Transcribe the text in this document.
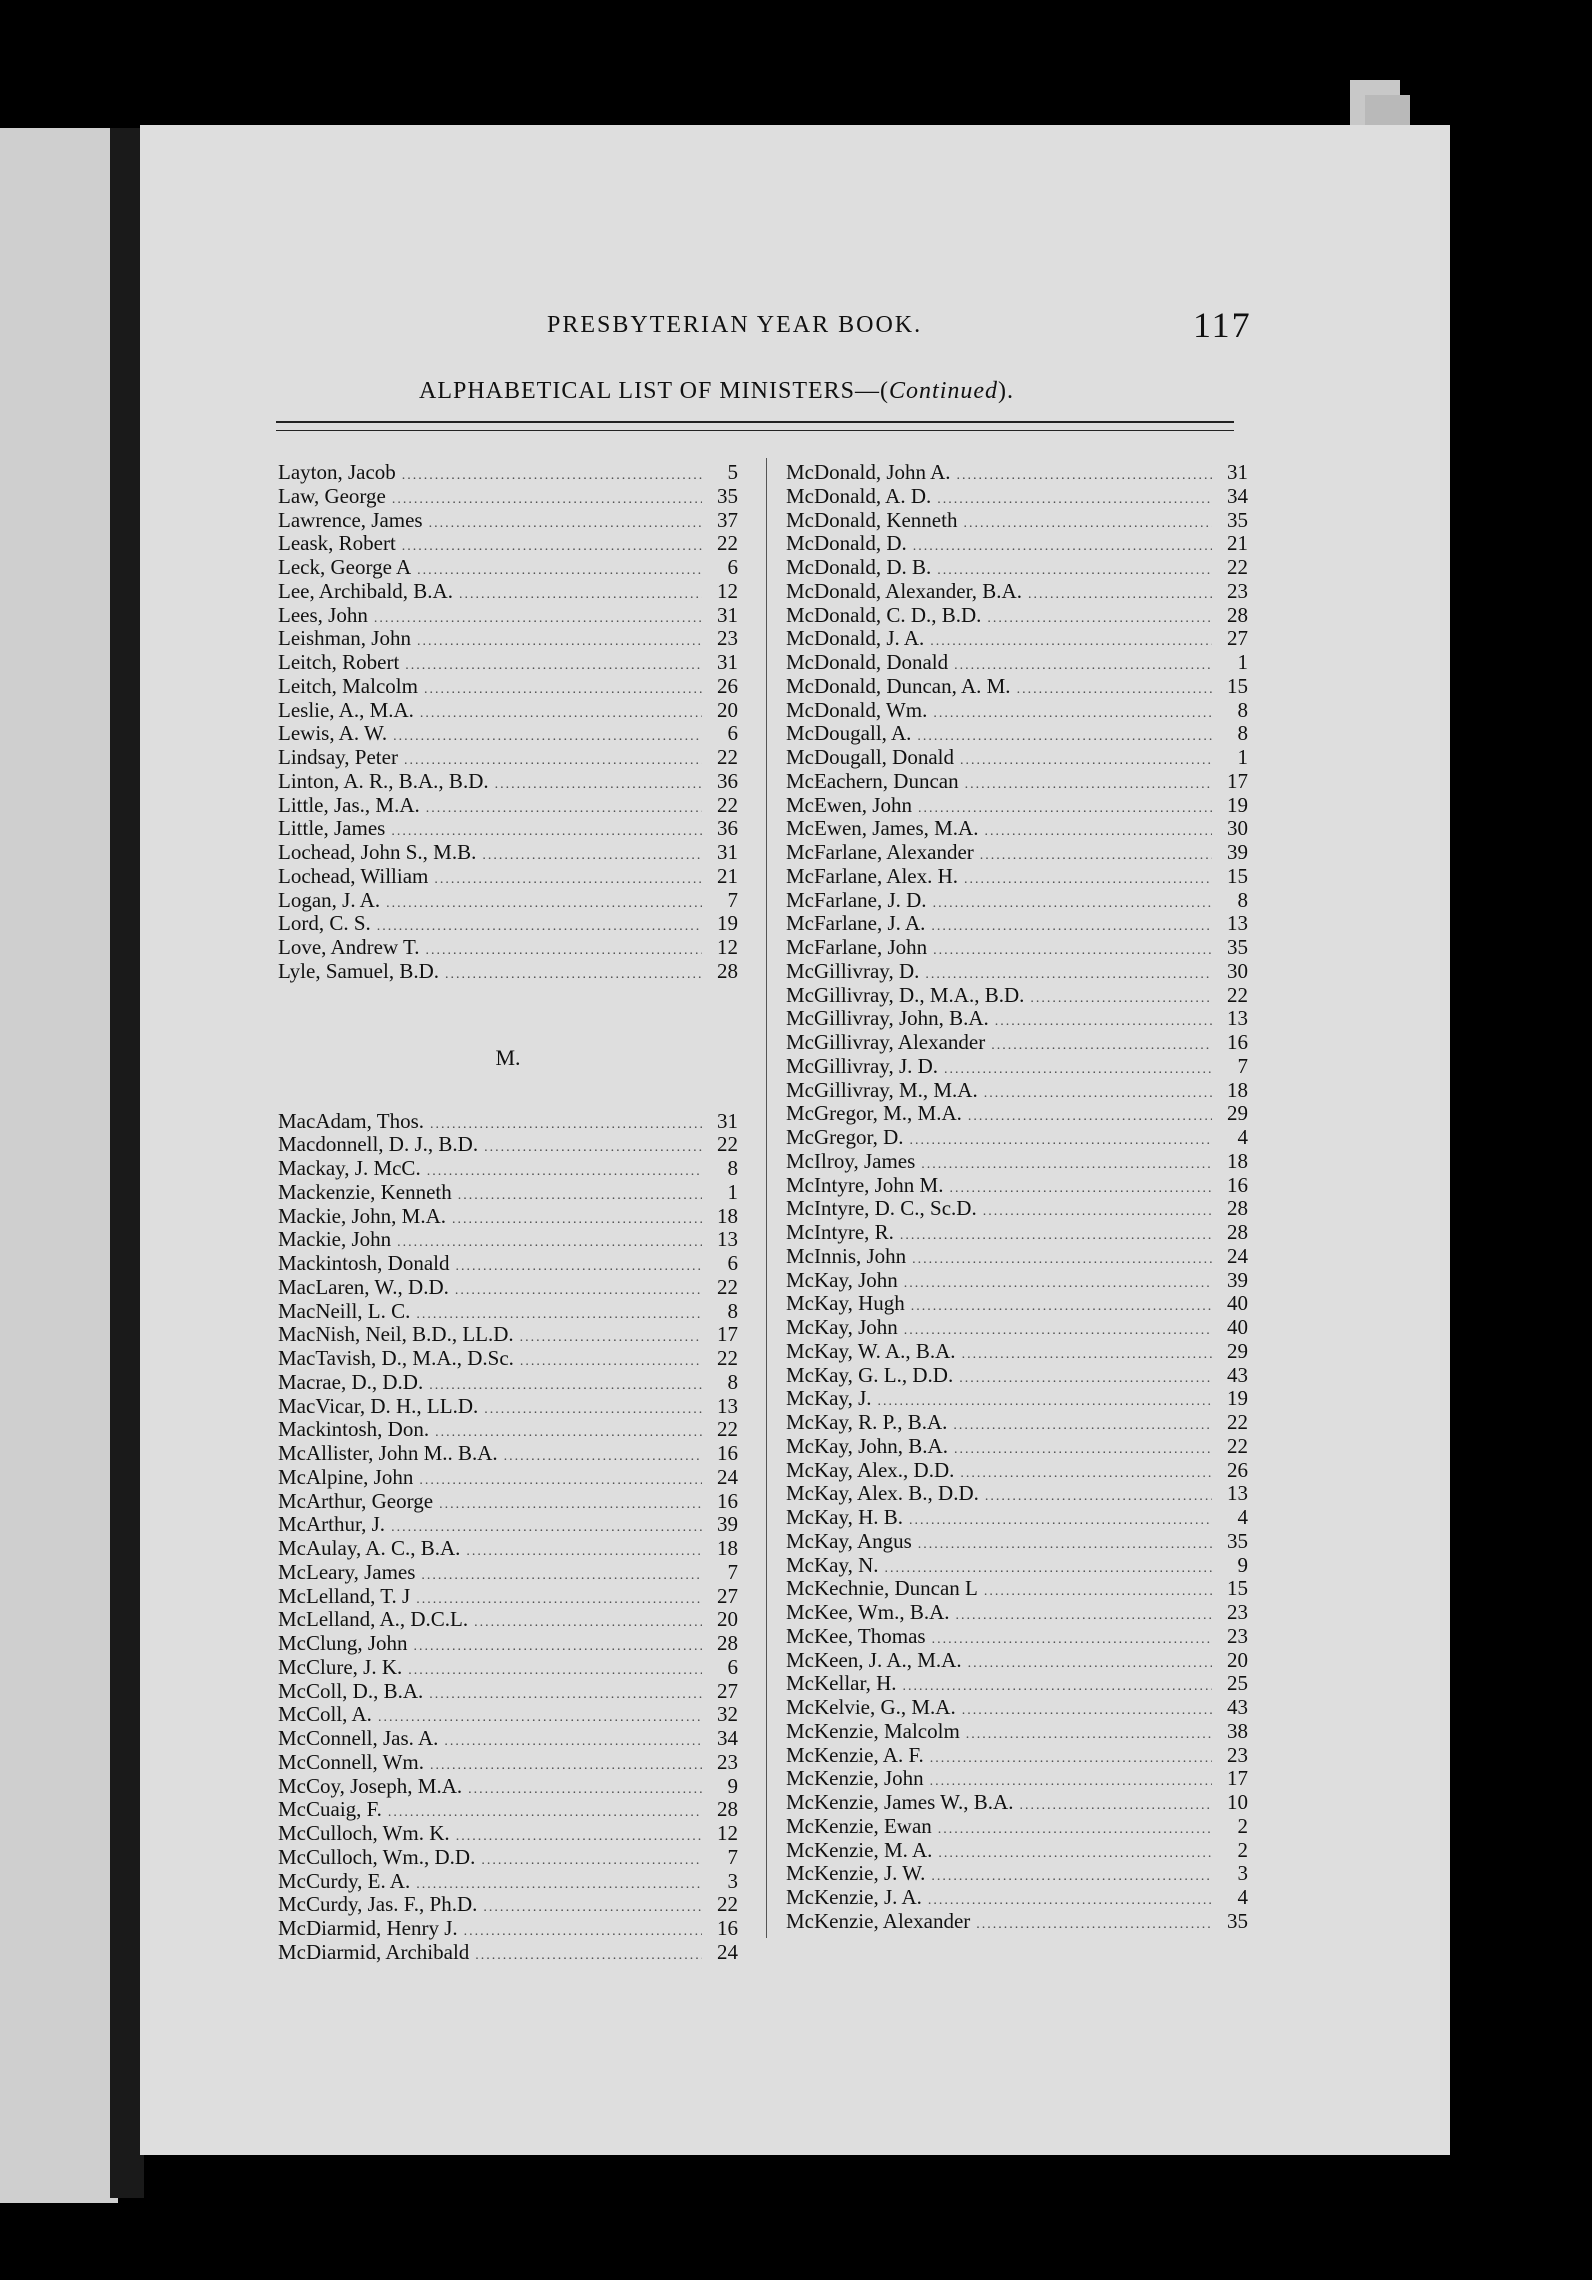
PRESBYTERIAN YEAR BOOK.	117
ALPHABETICAL LIST OF MINISTERS—(Continued).
Layton, Jacob .....	5
Law, George .....	35
Lawrence, James .....	37
Leask, Robert .....	22
Leck, George A .....	6
Lee, Archibald, B.A. .....	12
Lees, John .....	31
Leishman, John .....	23
Leitch, Robert .....	31
Leitch, Malcolm .....	26
Leslie, A., M.A. .....	20
Lewis, A. W. .....	6
Lindsay, Peter .....	22
Linton, A. R., B.A., B.D. .....	36
Little, Jas., M.A. .....	22
Little, James .....	36
Lochead, John S., M.B. .....	31
Lochead, William .....	21
Logan, J. A. .....	7
Lord, C. S. .....	19
Love, Andrew T. .....	12
Lyle, Samuel, B.D. .....	28
M.
MacAdam, Thos. .....	31
Macdonnell, D. J., B.D. .....	22
Mackay, J. McC. .....	8
Mackenzie, Kenneth .....	1
Mackie, John, M.A. .....	18
Mackie, John .....	13
Mackintosh, Donald .....	6
MacLaren, W., D.D. .....	22
MacNeill, L. C. .....	8
MacNish, Neil, B.D., LL.D. .....	17
MacTavish, D., M.A., D.Sc. .....	22
Macrae, D., D.D. .....	8
MacVicar, D. H., LL.D. .....	13
Mackintosh, Don. .....	22
McAllister, John M.. B.A. .....	16
McAlpine, John .....	24
McArthur, George .....	16
McArthur, J. .....	39
McAulay, A. C., B.A. .....	18
McLeary, James .....	7
McLelland, T. J .....	27
McLelland, A., D.C.L. .....	20
McClung, John .....	28
McClure, J. K. .....	6
McColl, D., B.A. .....	27
McColl, A. .....	32
McConnell, Jas. A. .....	34
McConnell, Wm. .....	23
McCoy, Joseph, M.A. .....	9
McCuaig, F. .....	28
McCulloch, Wm. K. .....	12
McCulloch, Wm., D.D. .....	7
McCurdy, E. A. .....	3
McCurdy, Jas. F., Ph.D. .....	22
McDiarmid, Henry J. .....	16
McDiarmid, Archibald .....	24
McDonald, John A. .....	31
McDonald, A. D. .....	34
McDonald, Kenneth .....	35
McDonald, D. .....	21
McDonald, D. B. .....	22
McDonald, Alexander, B.A. .....	23
McDonald, C. D., B.D. .....	28
McDonald, J. A. .....	27
McDonald, Donald .....	1
McDonald, Duncan, A. M. .....	15
McDonald, Wm. .....	8
McDougall, A. .....	8
McDougall, Donald .....	1
McEachern, Duncan .....	17
McEwen, John .....	19
McEwen, James, M.A. .....	30
McFarlane, Alexander .....	39
McFarlane, Alex. H. .....	15
McFarlane, J. D. .....	8
McFarlane, J. A. .....	13
McFarlane, John .....	35
McGillivray, D. .....	30
McGillivray, D., M.A., B.D. .....	22
McGillivray, John, B.A. .....	13
McGillivray, Alexander .....	16
McGillivray, J. D. .....	7
McGillivray, M., M.A. .....	18
McGregor, M., M.A. .....	29
McGregor, D. .....	4
McIlroy, James .....	18
McIntyre, John M. .....	16
McIntyre, D. C., Sc.D. .....	28
McIntyre, R. .....	28
McInnis, John .....	24
McKay, John .....	39
McKay, Hugh .....	40
McKay, John .....	40
McKay, W. A., B.A. .....	29
McKay, G. L., D.D. .....	43
McKay, J. .....	19
McKay, R. P., B.A. .....	22
McKay, John, B.A. .....	22
McKay, Alex., D.D. .....	26
McKay, Alex. B., D.D. .....	13
McKay, H. B. .....	4
McKay, Angus .....	35
McKay, N. .....	9
McKechnie, Duncan L .....	15
McKee, Wm., B.A. .....	23
McKee, Thomas .....	23
McKeen, J. A., M.A. .....	20
McKellar, H. .....	25
McKelvie, G., M.A. .....	43
McKenzie, Malcolm .....	38
McKenzie, A. F. .....	23
McKenzie, John .....	17
McKenzie, James W., B.A. .....	10
McKenzie, Ewan .....	2
McKenzie, M. A. .....	2
McKenzie, J. W. .....	3
McKenzie, J. A. .....	4
McKenzie, Alexander .....	35
